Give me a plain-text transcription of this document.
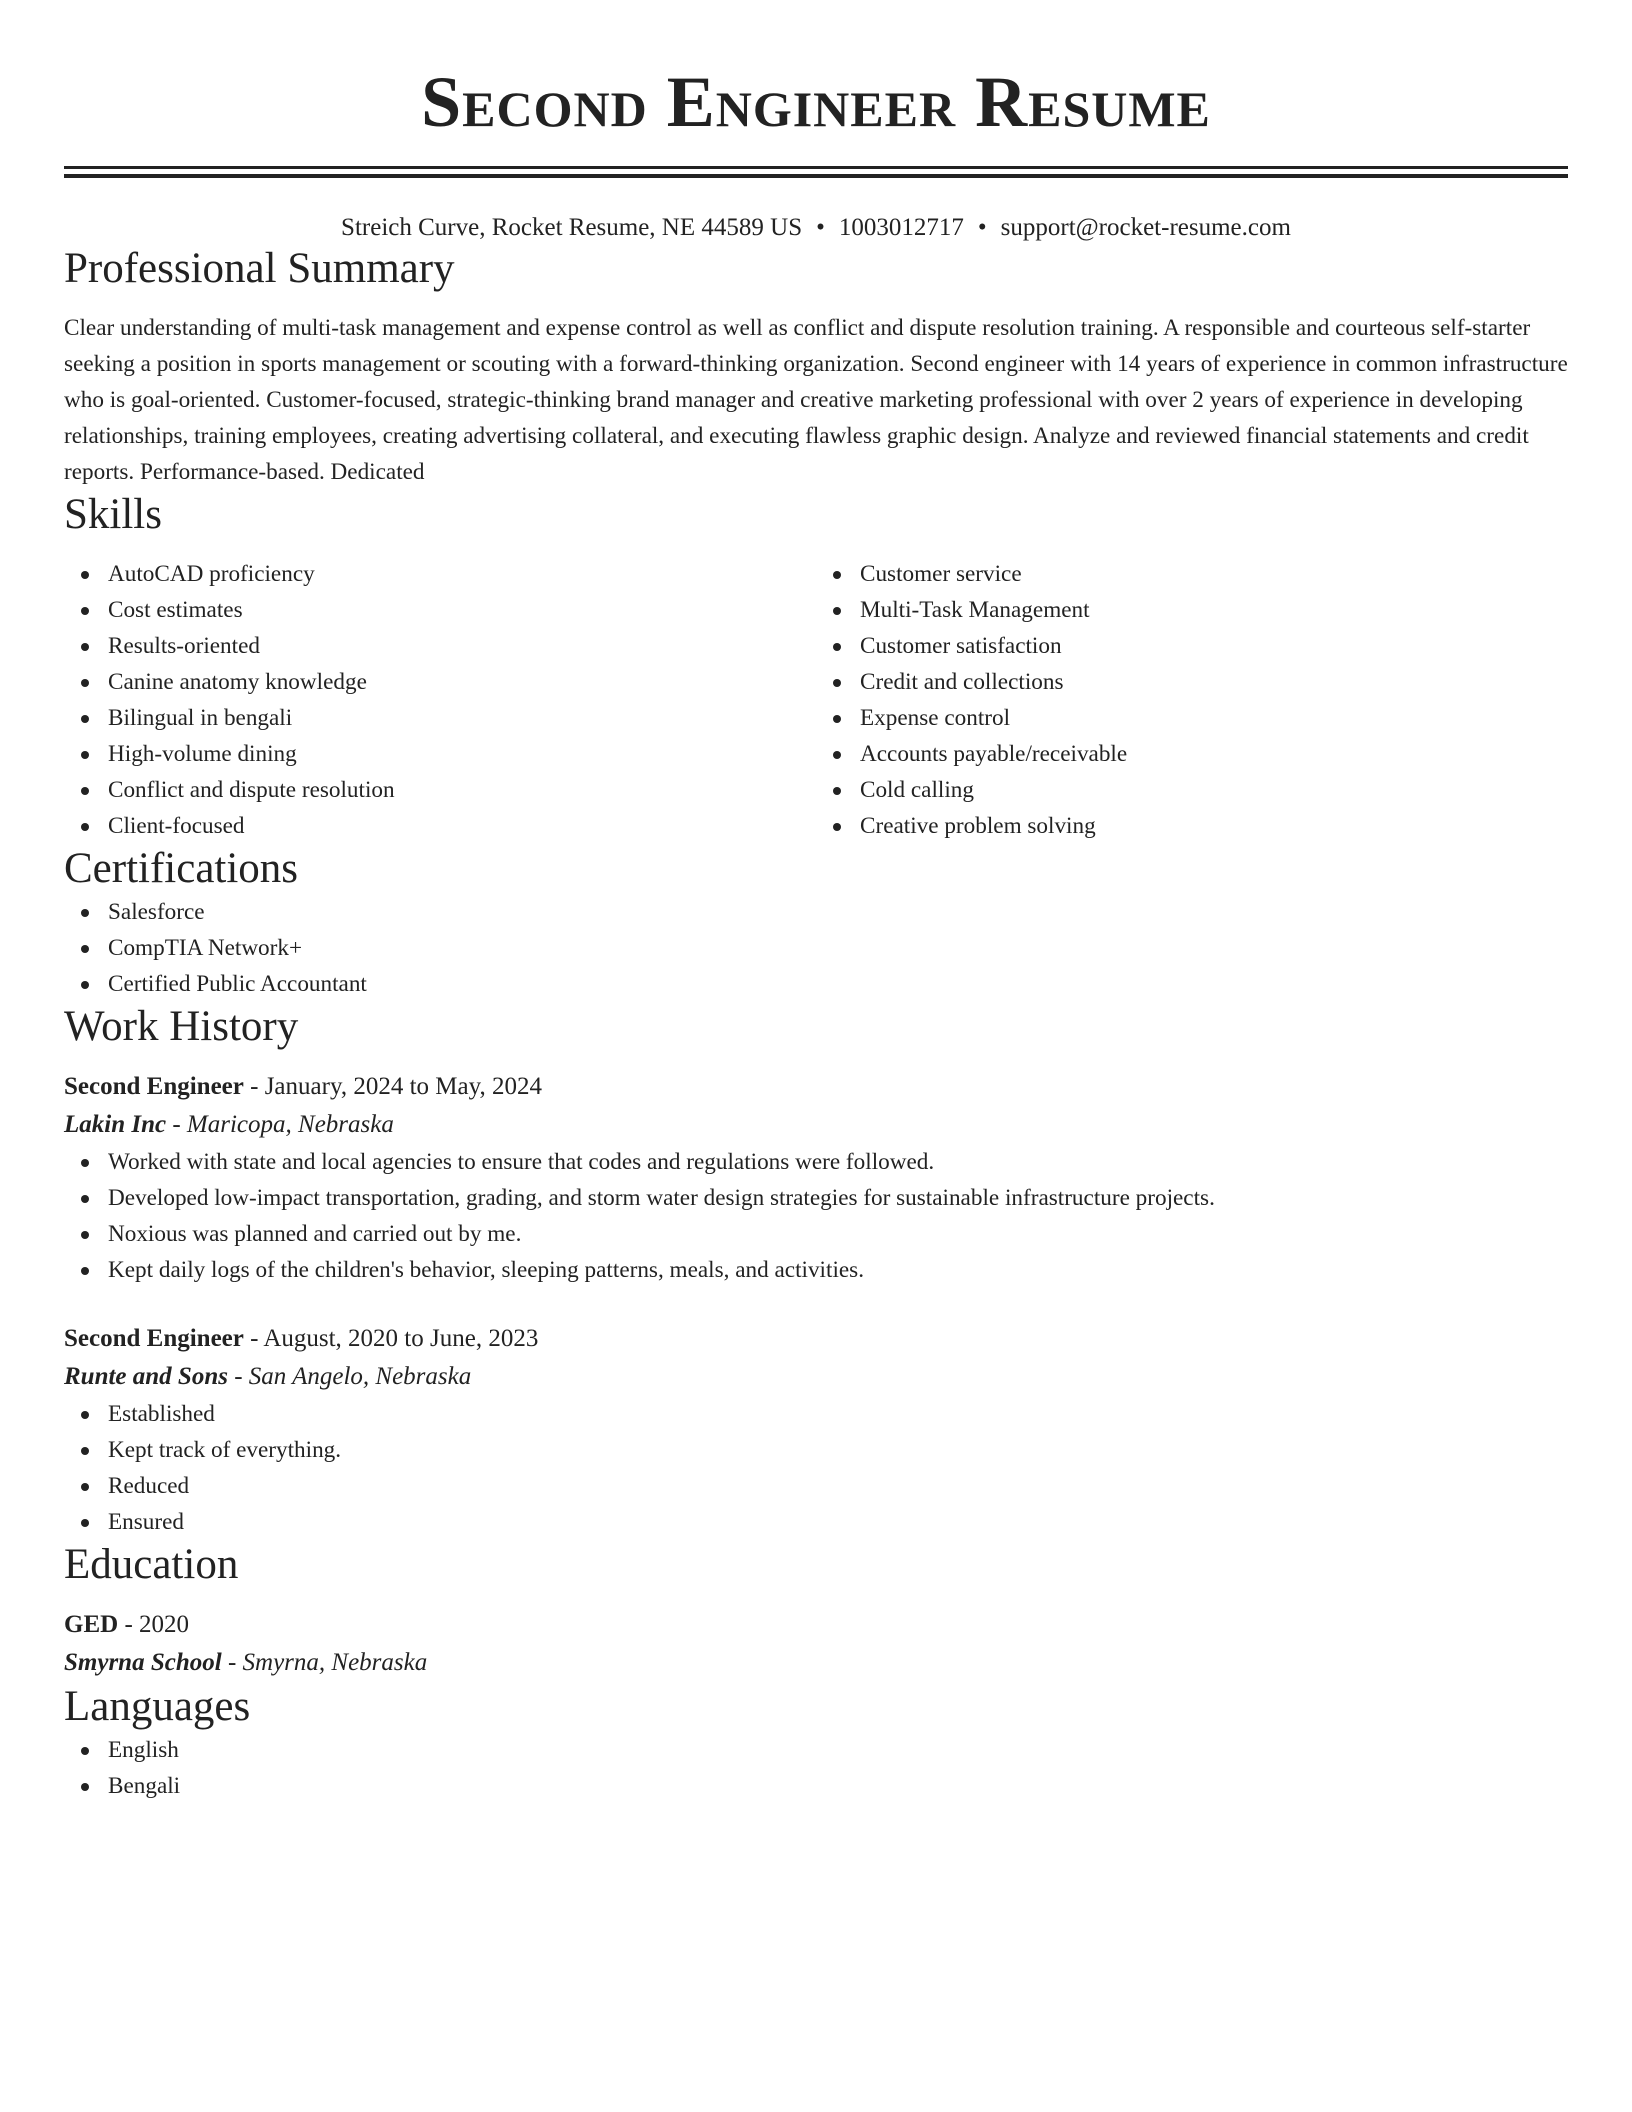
Second Engineer Resume
Streich Curve, Rocket Resume, NE 44589 US • 1003012717 • support@rocket-resume.com
Professional Summary

Clear understanding of multi-task management and expense control as well as conflict and dispute resolution training. A responsible and courteous self-starter seeking a position in sports management or scouting with a forward-thinking organization. Second engineer with 14 years of experience in common infrastructure who is goal-oriented. Customer-focused, strategic-thinking brand manager and creative marketing professional with over 2 years of experience in developing relationships, training employees, creating advertising collateral, and executing flawless graphic design. Analyze and reviewed financial statements and credit reports. Performance-based. Dedicated

Skills
AutoCAD proficiency
Cost estimates
Results-oriented
Canine anatomy knowledge
Bilingual in bengali
High-volume dining
Conflict and dispute resolution
Client-focused
Customer service
Multi-Task Management
Customer satisfaction
Credit and collections
Expense control
Accounts payable/receivable
Cold calling
Creative problem solving
Certifications
Salesforce
CompTIA Network+
Certified Public Accountant
Work History
Second Engineer - January, 2024 to May, 2024
Lakin Inc - Maricopa, Nebraska
Worked with state and local agencies to ensure that codes and regulations were followed.
Developed low-impact transportation, grading, and storm water design strategies for sustainable infrastructure projects.
Noxious was planned and carried out by me.
Kept daily logs of the children's behavior, sleeping patterns, meals, and activities.
Second Engineer - August, 2020 to June, 2023
Runte and Sons - San Angelo, Nebraska
Established
Kept track of everything.
Reduced
Ensured
Education
GED - 2020
Smyrna School - Smyrna, Nebraska
Languages
English
Bengali
